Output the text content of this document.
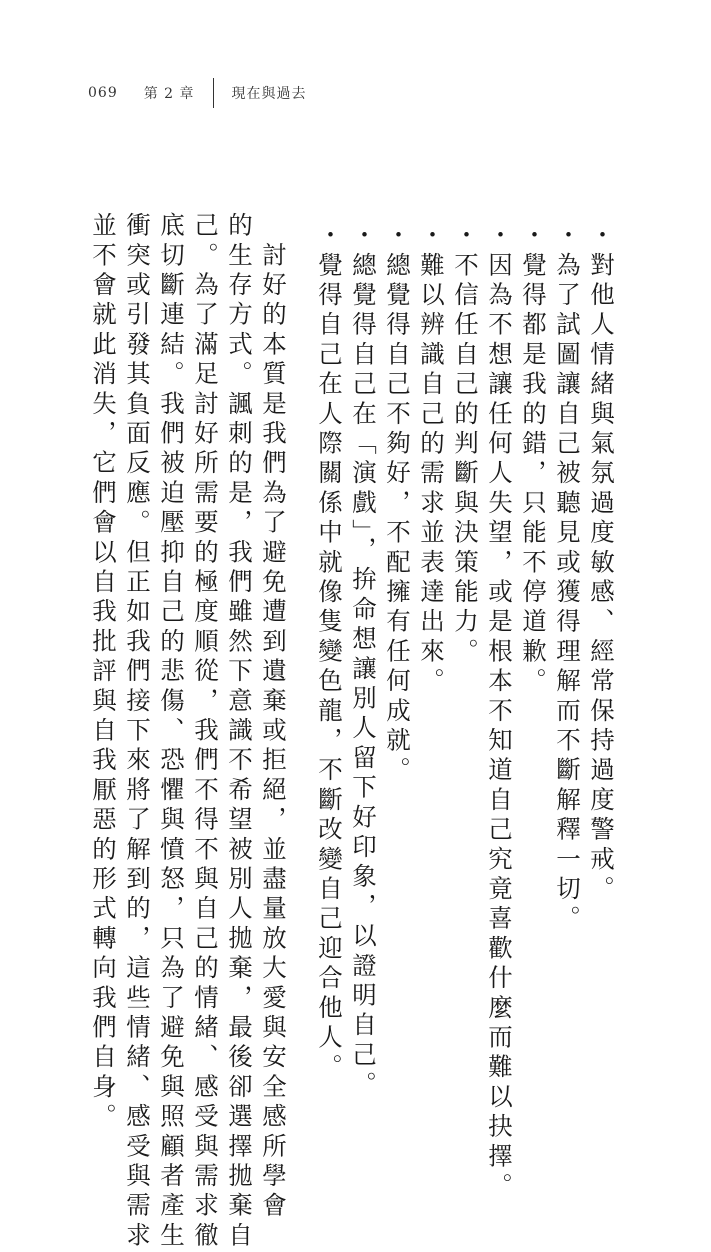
069 第 2 章	現在與過去
・對他人情緒與氣氛過度敏感、經常保持過度警戒。
・為了試圖讓自己被聽見或獲得理解而不斷解釋一切。
・覺得都是我的錯，只能不停道歉。
・因為不想讓任何人失望，或是根本不知道自己究竟喜歡什麼而難以抉擇。
・不信任自己的判斷與決策能力。
・難以辨識自己的需求並表達出來。
・總覺得自己不夠好，不配擁有任何成就。
・總覺得自己在「演戲」，拚命想讓別人留下好印象，以證明自己。
・覺得自己在人際關係中就像隻變色龍，不斷改變自己迎合他人。
　討好的本質是我們為了避免遭到遺棄或拒絕，並盡量放大愛與安全感所學會
的生存方式。諷刺的是，我們雖然下意識不希望被別人拋棄，最後卻選擇拋棄自
己。為了滿足討好所需要的極度順從，我們不得不與自己的情緒、感受與需求徹
底切斷連結。我們被迫壓抑自己的悲傷、恐懼與憤怒，只為了避免與照顧者產生
衝突或引發其負面反應。但正如我們接下來將了解到的，這些情緒、感受與需求
並不會就此消失，它們會以自我批評與自我厭惡的形式轉向我們自身。
